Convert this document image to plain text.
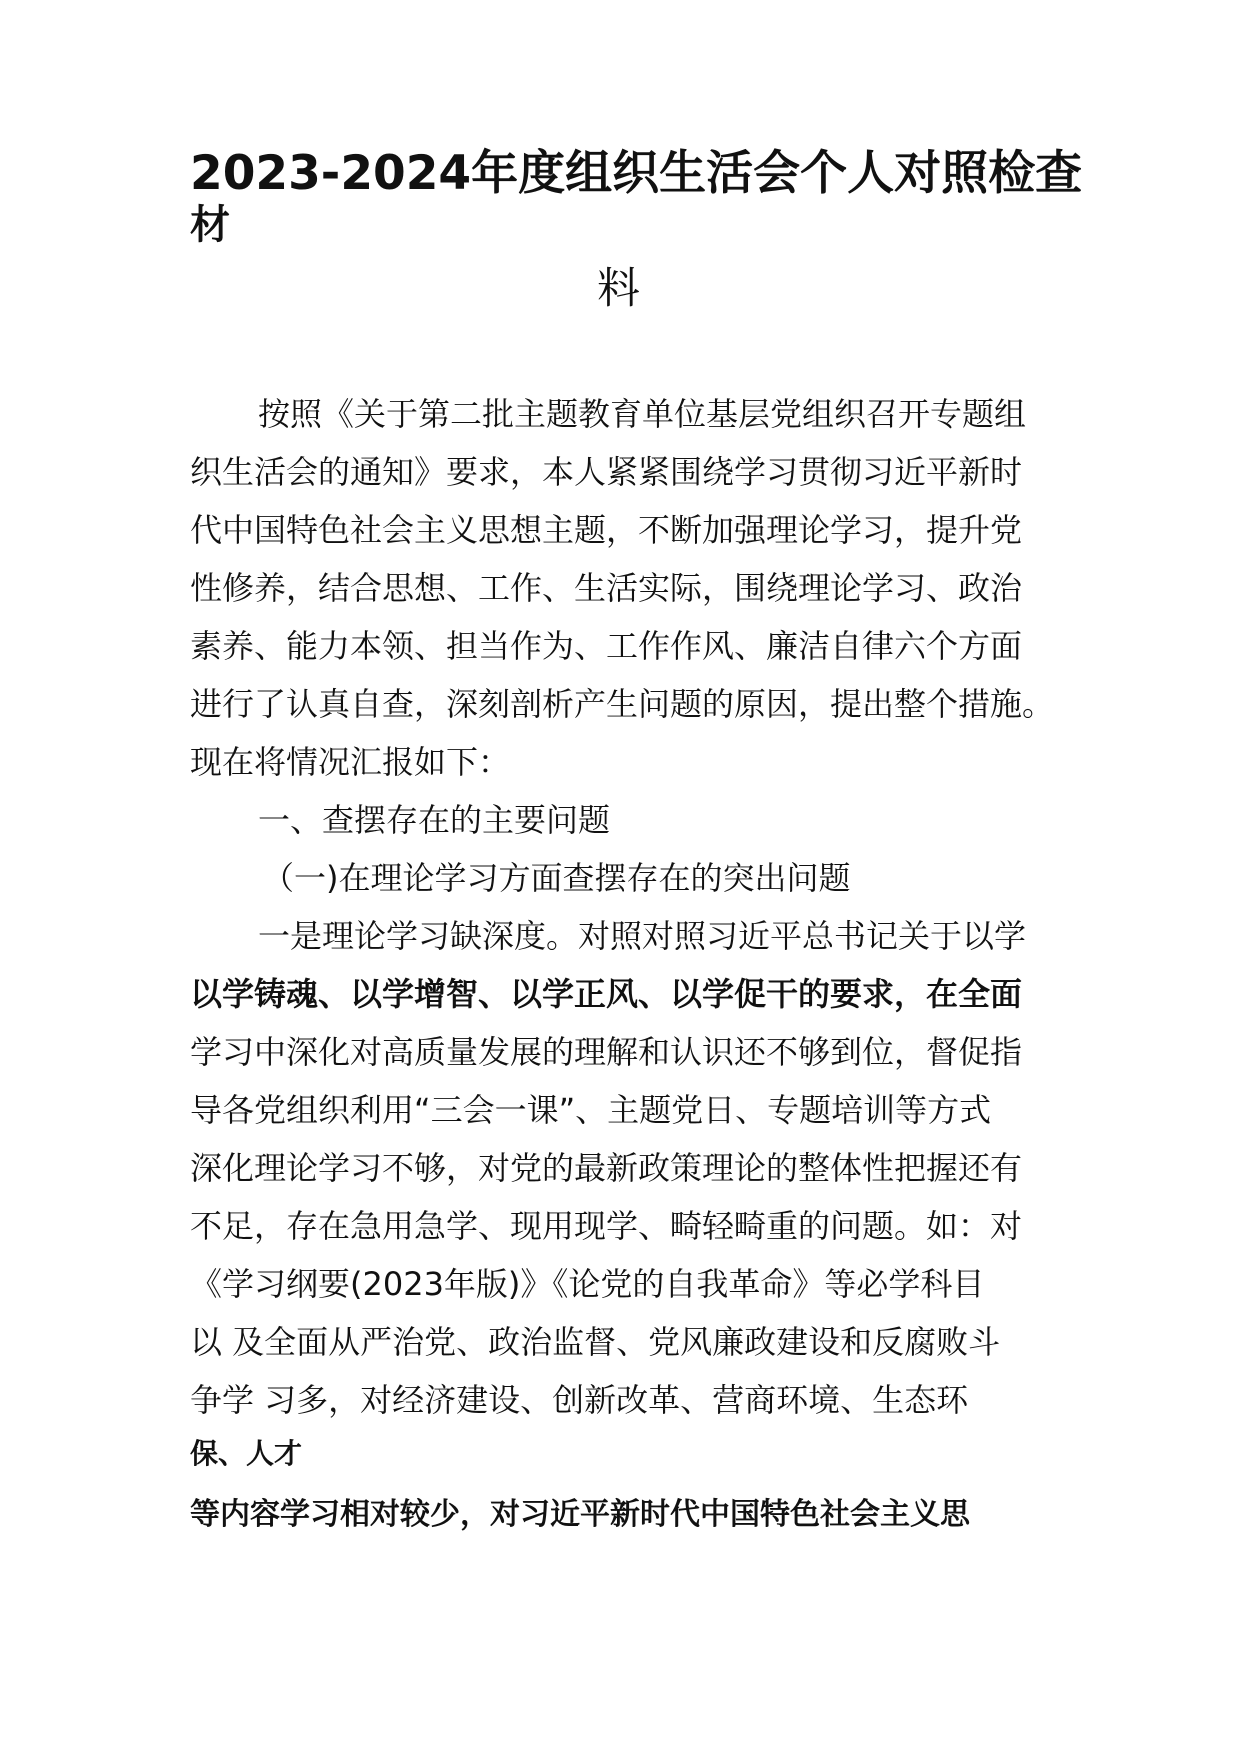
2023-2024年度组织生活会个人对照检查
材
料
按照《关于第二批主题教育单位基层党组织召开专题组
织生活会的通知》要求，本人紧紧围绕学习贯彻习近平新时
代中国特色社会主义思想主题，不断加强理论学习，提升党
性修养，结合思想、工作、生活实际，围绕理论学习、政治
素养、能力本领、担当作为、工作作风、廉洁自律六个方面
进行了认真自查，深刻剖析产生问题的原因，提出整个措施。
现在将情况汇报如下：
一、查摆存在的主要问题
（一)在理论学习方面查摆存在的突出问题
一是理论学习缺深度。对照对照习近平总书记关于以学
以学铸魂、以学增智、以学正风、以学促干的要求，在全面
学习中深化对高质量发展的理解和认识还不够到位，督促指
导各党组织利用“三会一课”、主题党日、专题培训等方式
深化理论学习不够，对党的最新政策理论的整体性把握还有
不足，存在急用急学、现用现学、畸轻畸重的问题。如：对
《学习纲要(2023年版)》《论党的自我革命》等必学科目
以 及全面从严治党、政治监督、党风廉政建设和反腐败斗
争学 习多，对经济建设、创新改革、营商环境、生态环
保、人才
等内容学习相对较少，对习近平新时代中国特色社会主义思
